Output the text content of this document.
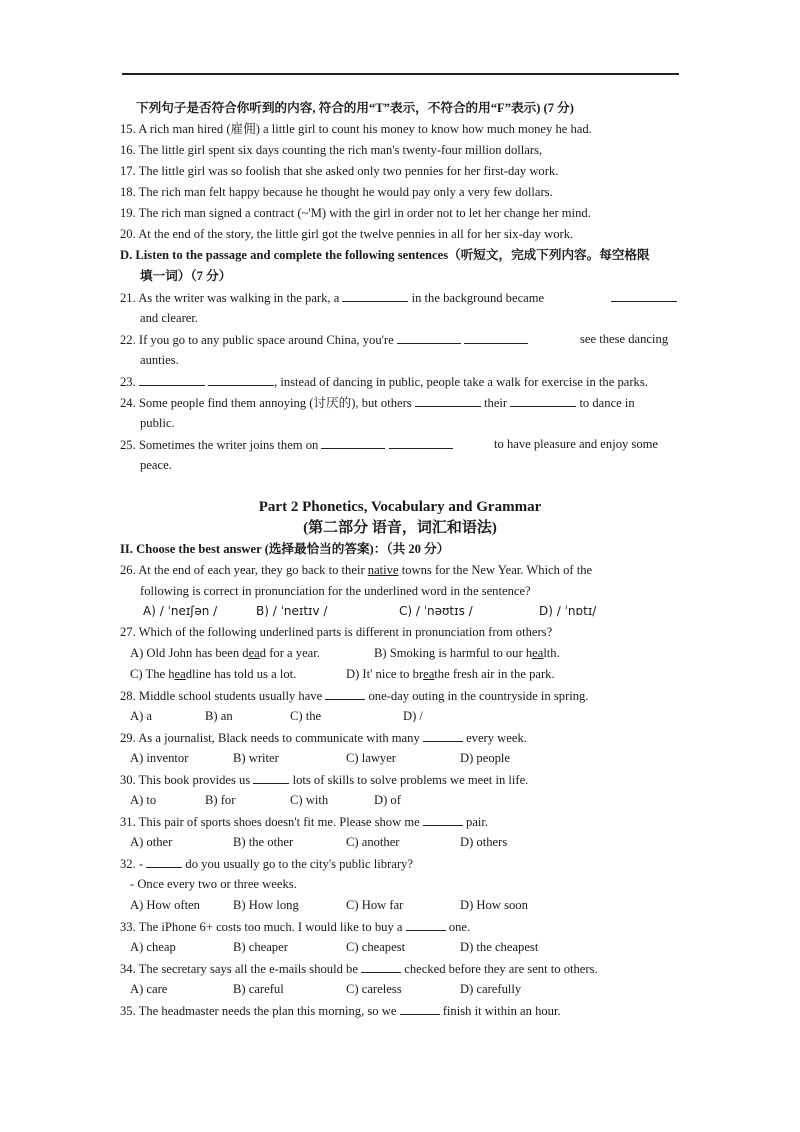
下列句子是否符合你听到的内容, 符合的用“T”表示，不符合的用“F”表示) (7 分)
15. A rich man hired (雇佣) a little girl to count his money to know how much money he had.
16. The little girl spent six days counting the rich man's twenty-four million dollars,
17. The little girl was so foolish that she asked only two pennies for her first-day work.
18. The rich man felt happy because he thought he would pay only a very few dollars.
19. The rich man signed a contract (~'M) with the girl in order not to let her change her mind.
20. At the end of the story, the little girl got the twelve pennies in all for her six-day work.
D. Listen to the passage and complete the following sentences（听短文，完成下列内容。每空格限
填一词）（7 分）
21. As the writer was walking in the park, a	in the background became
and clearer.
22. If you go to any public space around China, you're	see these dancing
aunties.
23.	, instead of dancing in public, people take a walk for exercise in the parks.
24. Some people find them annoying (讨厌的), but others	their	to dance in
public.
25. Sometimes the writer joins them on	to have pleasure and enjoy some
peace.
Part 2 Phonetics, Vocabulary and Grammar
(第二部分 语音，词汇和语法)
II. Choose the best answer (选择最恰当的答案)：（共 20 分）
26. At the end of each year, they go back to their native towns for the New Year. Which of the
following is correct in pronunciation for the underlined word in the sentence?
A) / ˈneɪʃən /	B) / ˈneɪtɪv /	C) / ˈnəʊtɪs /	D) / ˈnɒtɪ/
27. Which of the following underlined parts is different in pronunciation from others?
A) Old John has been dead for a year.	B) Smoking is harmful to our health.
C) The headline has told us a lot.	D) It' nice to breathe fresh air in the park.
28. Middle school students usually have	one-day outing in the countryside in spring.
A) a	B) an	C) the	D) /
29. As a journalist, Black needs to communicate with many	every week.
A) inventor	B) writer	C) lawyer	D) people
30. This book provides us	lots of skills to solve problems we meet in life.
A) to	B) for	C) with	D) of
31. This pair of sports shoes doesn't fit me. Please show me	pair.
A) other	B) the other	C) another	D) others
32. -	do you usually go to the city's public library?
- Once every two or three weeks.
A) How often	B) How long	C) How far	D) How soon
33. The iPhone 6+ costs too much. I would like to buy a	one.
A) cheap	B) cheaper	C) cheapest	D) the cheapest
34. The secretary says all the e-mails should be	checked before they are sent to others.
A) care	B) careful	C) careless	D) carefully
35. The headmaster needs the plan this morning, so we	finish it within an hour.
